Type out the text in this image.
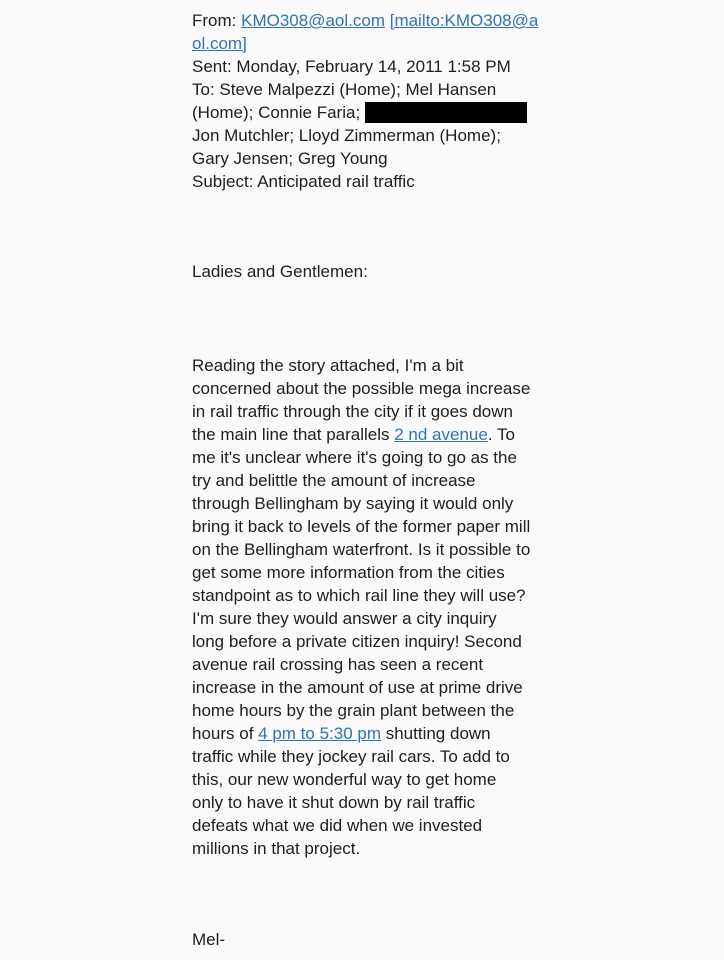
From: KMO308@aol.com [mailto:KMO308@a
ol.com]
Sent: Monday, February 14, 2011 1:58 PM
To: Steve Malpezzi (Home); Mel Hansen
(Home); Connie Faria;
Jon Mutchler; Lloyd Zimmerman (Home);
Gary Jensen; Greg Young
Subject: Anticipated rail traffic
Ladies and Gentlemen:
Reading the story attached, I'm a bit
concerned about the possible mega increase
in rail traffic through the city if it goes down
the main line that parallels 2 nd avenue. To
me it's unclear where it's going to go as the
try and belittle the amount of increase
through Bellingham by saying it would only
bring it back to levels of the former paper mill
on the Bellingham waterfront. Is it possible to
get some more information from the cities
standpoint as to which rail line they will use?
I'm sure they would answer a city inquiry
long before a private citizen inquiry! Second
avenue rail crossing has seen a recent
increase in the amount of use at prime drive
home hours by the grain plant between the
hours of 4 pm to 5:30 pm shutting down
traffic while they jockey rail cars. To add to
this, our new wonderful way to get home
only to have it shut down by rail traffic
defeats what we did when we invested
millions in that project.
Mel-
